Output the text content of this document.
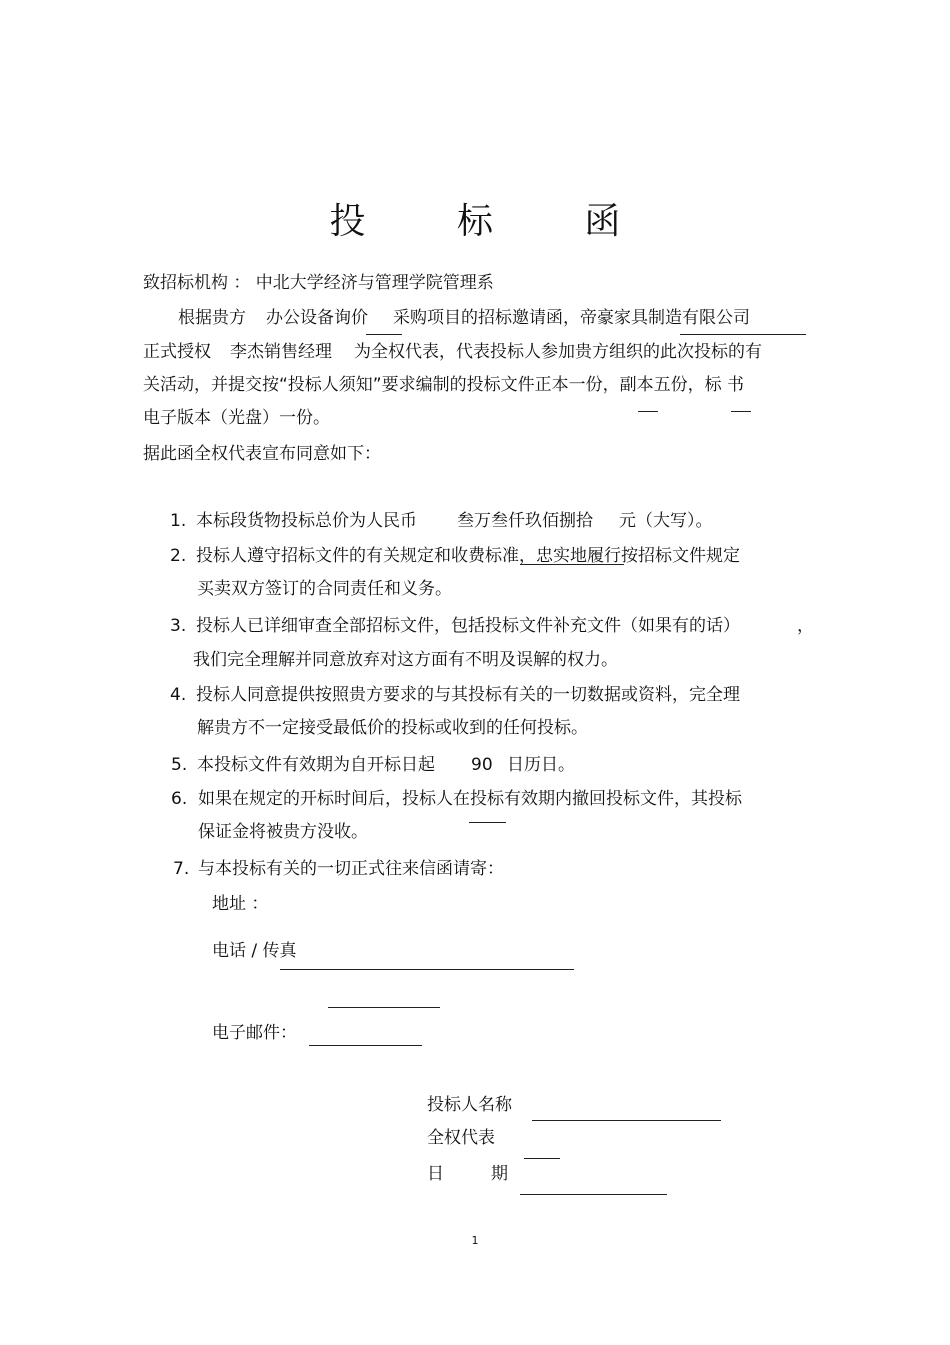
投 标 函
致招标机构 ： 中北大学经济与管理学院管理系
根据贵方 办公设备询价 采购项目的招标邀请函，帝豪家具制造有限公司
正式授权 李杰销售经理 为全权代表，代表投标人参加贵方组织的此次投标的有
关活动，并提交按“投标人须知”要求编制的投标文件正本一份，副本五份，标 书
电子版本（光盘）一份。
据此函全权代表宣布同意如下：
1. 本标段货物投标总价为人民币 叁万叁仟玖佰捌拾 元（大写）。
2. 投标人遵守招标文件的有关规定和收费标准，忠实地履行按招标文件规定
买卖双方签订的合同责任和义务。
3. 投标人已详细审查全部招标文件，包括投标文件补充文件（如果有的话）	，
我们完全理解并同意放弃对这方面有不明及误解的权力。
4. 投标人同意提供按照贵方要求的与其投标有关的一切数据或资料，完全理
解贵方不一定接受最低价的投标或收到的任何投标。
5. 本投标文件有效期为自开标日起 90 日历日。
6. 如果在规定的开标时间后，投标人在投标有效期内撤回投标文件，其投标
保证金将被贵方没收。
7. 与本投标有关的一切正式往来信函请寄：
地址 ：
电话 / 传真
电子邮件：
投标人名称
全权代表
日	期
1
